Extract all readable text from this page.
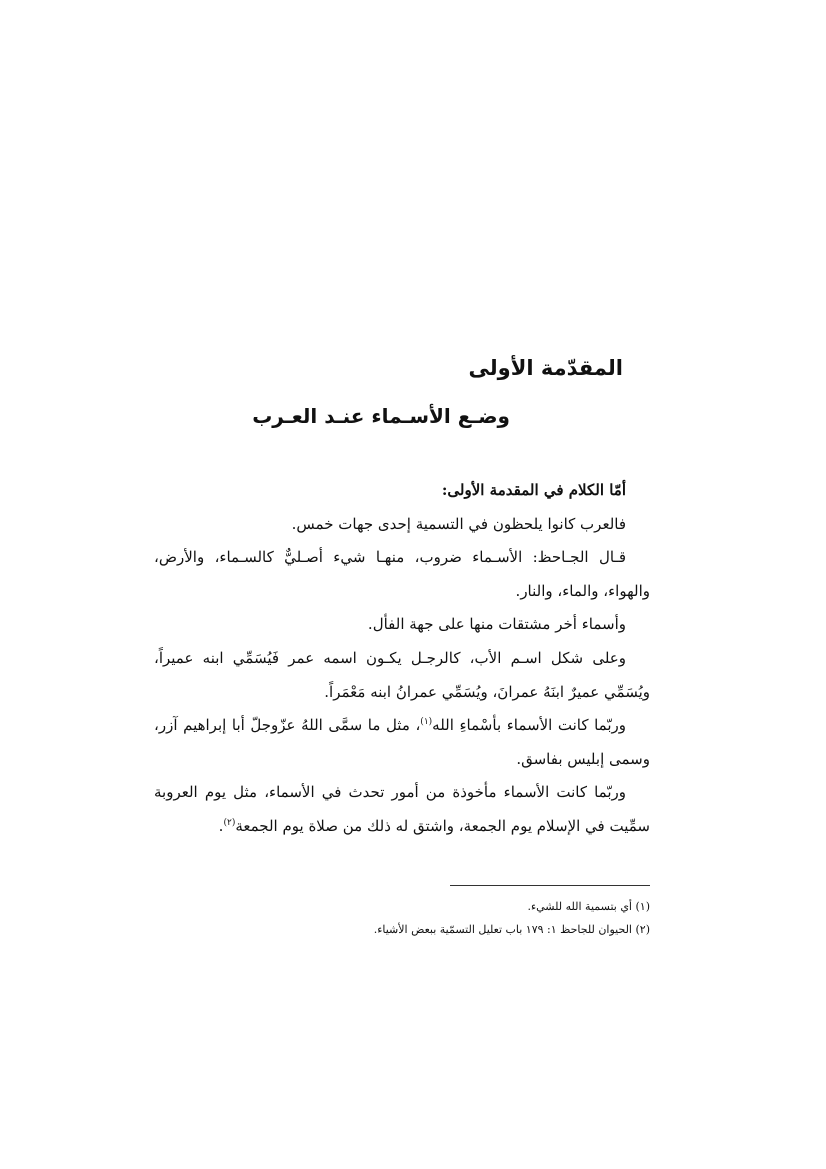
المقدّمة الأولى
وضـع الأسـماء عنـد العـرب

أمّا الكلام في المقدمة الأولى:

فالعرب كانوا يلحظون في التسمية إحدى جهات خمس.

قـال الجـاحظ: الأسـماء ضروب، منهـا شيء أصـليٌّ كالسـماء، والأرض، والهواء، والماء، والنار.

وأسماء أخر مشتقات منها على جهة الفأل.

وعلى شكل اسـم الأب، كالرجـل يكـون اسمه عمر فَيُسَمِّي ابنه عميراً، ويُسَمِّي عميرٌ ابنَهُ عمرانَ، ويُسَمِّي عمرانُ ابنه مَعْمَراً.

وربّما كانت الأسماء بأسْماءِ الله$^{(١)}$، مثل ما سمَّى اللهُ عزّوجلّ أبا إبراهيم آزر، وسمى إبليس بفاسق.

وربّما كانت الأسماء مأخوذة من أمور تحدث في الأسماء، مثل يوم العروبة سمِّيت في الإسلام يوم الجمعة، واشتق له ذلك من صلاة يوم الجمعة$^{(٢)}$.

(١) أي بتسمية الله للشيء.

(٢) الحيوان للجاحظ ١: ١٧٩ باب تعليل التسمّية ببعض الأشياء.
